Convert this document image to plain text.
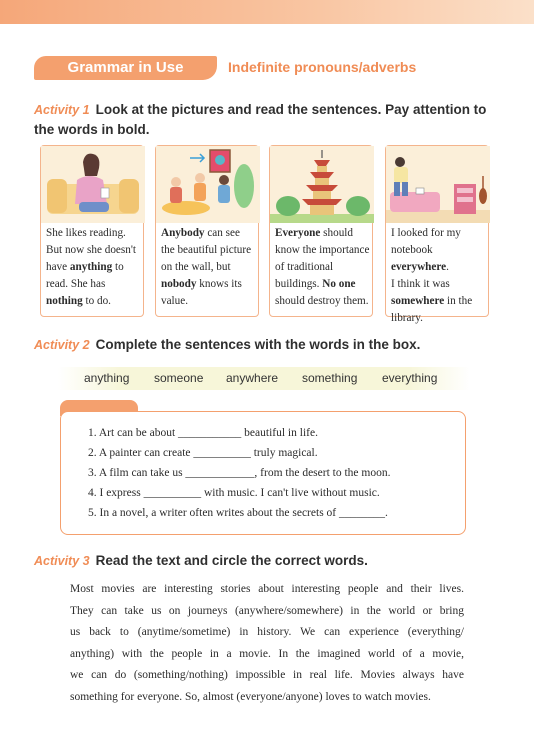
Grammar in Use	Indefinite pronouns/adverbs
Activity 1 Look at the pictures and read the sentences. Pay attention to
the words in bold.
She likes reading.
But now she doesn't
have anything to
read. She has
nothing to do.
Anybody can see
the beautiful picture
on the wall, but
nobody knows its
value.
Everyone should
know the importance
of traditional
buildings. No one
should destroy them.
I looked for my
notebook everywhere.
I think it was
somewhere in the
library.
Activity 2 Complete the sentences with the words in the box.
anything someone anywhere something everything
1. Art can be about ___________ beautiful in life.
2. A painter can create __________ truly magical.
3. A film can take us ____________, from the desert to the moon.
4. I express __________ with music. I can't live without music.
5. In a novel, a writer often writes about the secrets of ________.
Activity 3 Read the text and circle the correct words.

Most movies are interesting stories about interesting people and their lives.

They can take us on journeys (anywhere/somewhere) in the world or bring

us back to (anytime/sometime) in history. We can experience (everything/

anything) with the people in a movie. In the imagined world of a movie,

we can do (something/nothing) impossible in real life. Movies always have

something for everyone. So, almost (everyone/anyone) loves to watch movies.
